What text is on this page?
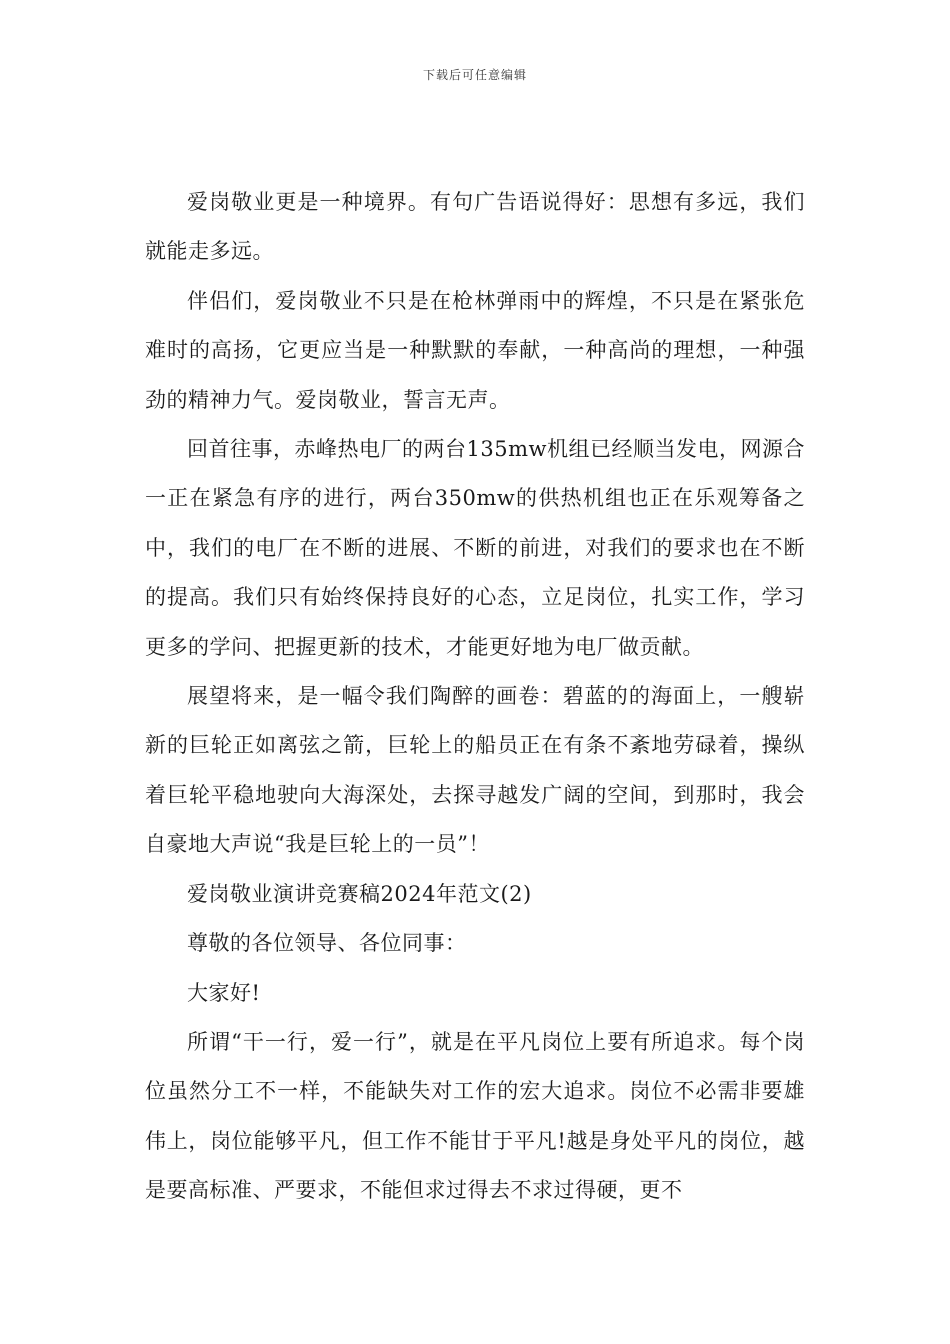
下载后可任意编辑

爱岗敬业更是一种境界。有句广告语说得好：思想有多远，我们就能走多远。

伴侣们，爱岗敬业不只是在枪林弹雨中的辉煌，不只是在紧张危难时的高扬，它更应当是一种默默的奉献，一种高尚的理想，一种强劲的精神力气。爱岗敬业，誓言无声。

回首往事，赤峰热电厂的两台135mw机组已经顺当发电，网源合一正在紧急有序的进行，两台350mw的供热机组也正在乐观筹备之中，我们的电厂在不断的进展、不断的前进，对我们的要求也在不断的提高。我们只有始终保持良好的心态，立足岗位，扎实工作，学习更多的学问、把握更新的技术，才能更好地为电厂做贡献。

展望将来，是一幅令我们陶醉的画卷：碧蓝的的海面上，一艘崭新的巨轮正如离弦之箭，巨轮上的船员正在有条不紊地劳碌着，操纵着巨轮平稳地驶向大海深处，去探寻越发广阔的空间，到那时，我会自豪地大声说“我是巨轮上的一员”！

爱岗敬业演讲竞赛稿2024年范文(2)

尊敬的各位领导、各位同事：

大家好!

所谓“干一行，爱一行”，就是在平凡岗位上要有所追求。每个岗位虽然分工不一样，不能缺失对工作的宏大追求。岗位不必需非要雄伟上，岗位能够平凡，但工作不能甘于平凡!越是身处平凡的岗位，越是要高标准、严要求，不能但求过得去不求过得硬，更不
